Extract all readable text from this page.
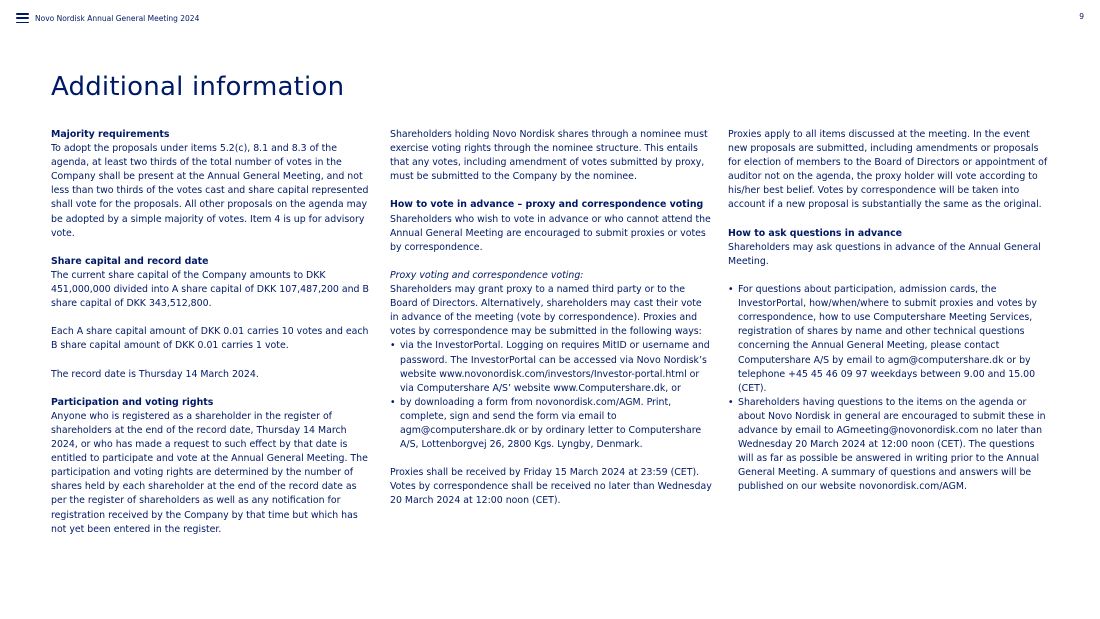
Novo Nordisk Annual General Meeting 2024	9
Additional information

Majority requirements

To adopt the proposals under items 5.2(c), 8.1 and 8.3 of the agenda, at least two thirds of the total number of votes in the Company shall be present at the Annual General Meeting, and not less than two thirds of the votes cast and share capital represented shall vote for the proposals. All other proposals on the agenda may be adopted by a simple majority of votes. Item 4 is up for advisory vote.

Share capital and record date

The current share capital of the Company amounts to DKK 451,000,000 divided into A share capital of DKK 107,487,200 and B share capital of DKK 343,512,800.

Each A share capital amount of DKK 0.01 carries 10 votes and each B share capital amount of DKK 0.01 carries 1 vote.

The record date is Thursday 14 March 2024.

Participation and voting rights

Anyone who is registered as a shareholder in the register of shareholders at the end of the record date, Thursday 14 March 2024, or who has made a request to such effect by that date is entitled to participate and vote at the Annual General Meeting. The participation and voting rights are determined by the number of shares held by each shareholder at the end of the record date as per the register of shareholders as well as any notification for registration received by the Company by that time but which has not yet been entered in the register.

Shareholders holding Novo Nordisk shares through a nominee must exercise voting rights through the nominee structure. This entails that any votes, including amendment of votes submitted by proxy, must be submitted to the Company by the nominee.

How to vote in advance – proxy and correspondence voting

Shareholders who wish to vote in advance or who cannot attend the Annual General Meeting are encouraged to submit proxies or votes by correspondence.

Proxy voting and correspondence voting:

Shareholders may grant proxy to a named third party or to the Board of Directors. Alternatively, shareholders may cast their vote in advance of the meeting (vote by correspondence). Proxies and votes by correspondence may be submitted in the following ways:

• via the InvestorPortal. Logging on requires MitID or username and password. The InvestorPortal can be accessed via Novo Nordisk’s website www.novonordisk.com/investors/Investor-portal.html or via Computershare A/S’ website www.Computershare.dk, or
• by downloading a form from novonordisk.com/AGM. Print, complete, sign and send the form via email to agm@computershare.dk or by ordinary letter to Computershare A/S, Lottenborgvej 26, 2800 Kgs. Lyngby, Denmark.

Proxies shall be received by Friday 15 March 2024 at 23:59 (CET). Votes by correspondence shall be received no later than Wednesday 20 March 2024 at 12:00 noon (CET).

Proxies apply to all items discussed at the meeting. In the event new proposals are submitted, including amendments or proposals for election of members to the Board of Directors or appointment of auditor not on the agenda, the proxy holder will vote according to his/her best belief. Votes by correspondence will be taken into account if a new proposal is substantially the same as the original.

How to ask questions in advance

Shareholders may ask questions in advance of the Annual General Meeting.

• For questions about participation, admission cards, the InvestorPortal, how/when/where to submit proxies and votes by correspondence, how to use Computershare Meeting Services, registration of shares by name and other technical questions concerning the Annual General Meeting, please contact Computershare A/S by email to agm@computershare.dk or by telephone +45 45 46 09 97 weekdays between 9.00 and 15.00 (CET).
• Shareholders having questions to the items on the agenda or about Novo Nordisk in general are encouraged to submit these in advance by email to AGmeeting@novonordisk.com no later than Wednesday 20 March 2024 at 12:00 noon (CET). The questions will as far as possible be answered in writing prior to the Annual General Meeting. A summary of questions and answers will be published on our website novonordisk.com/AGM.
